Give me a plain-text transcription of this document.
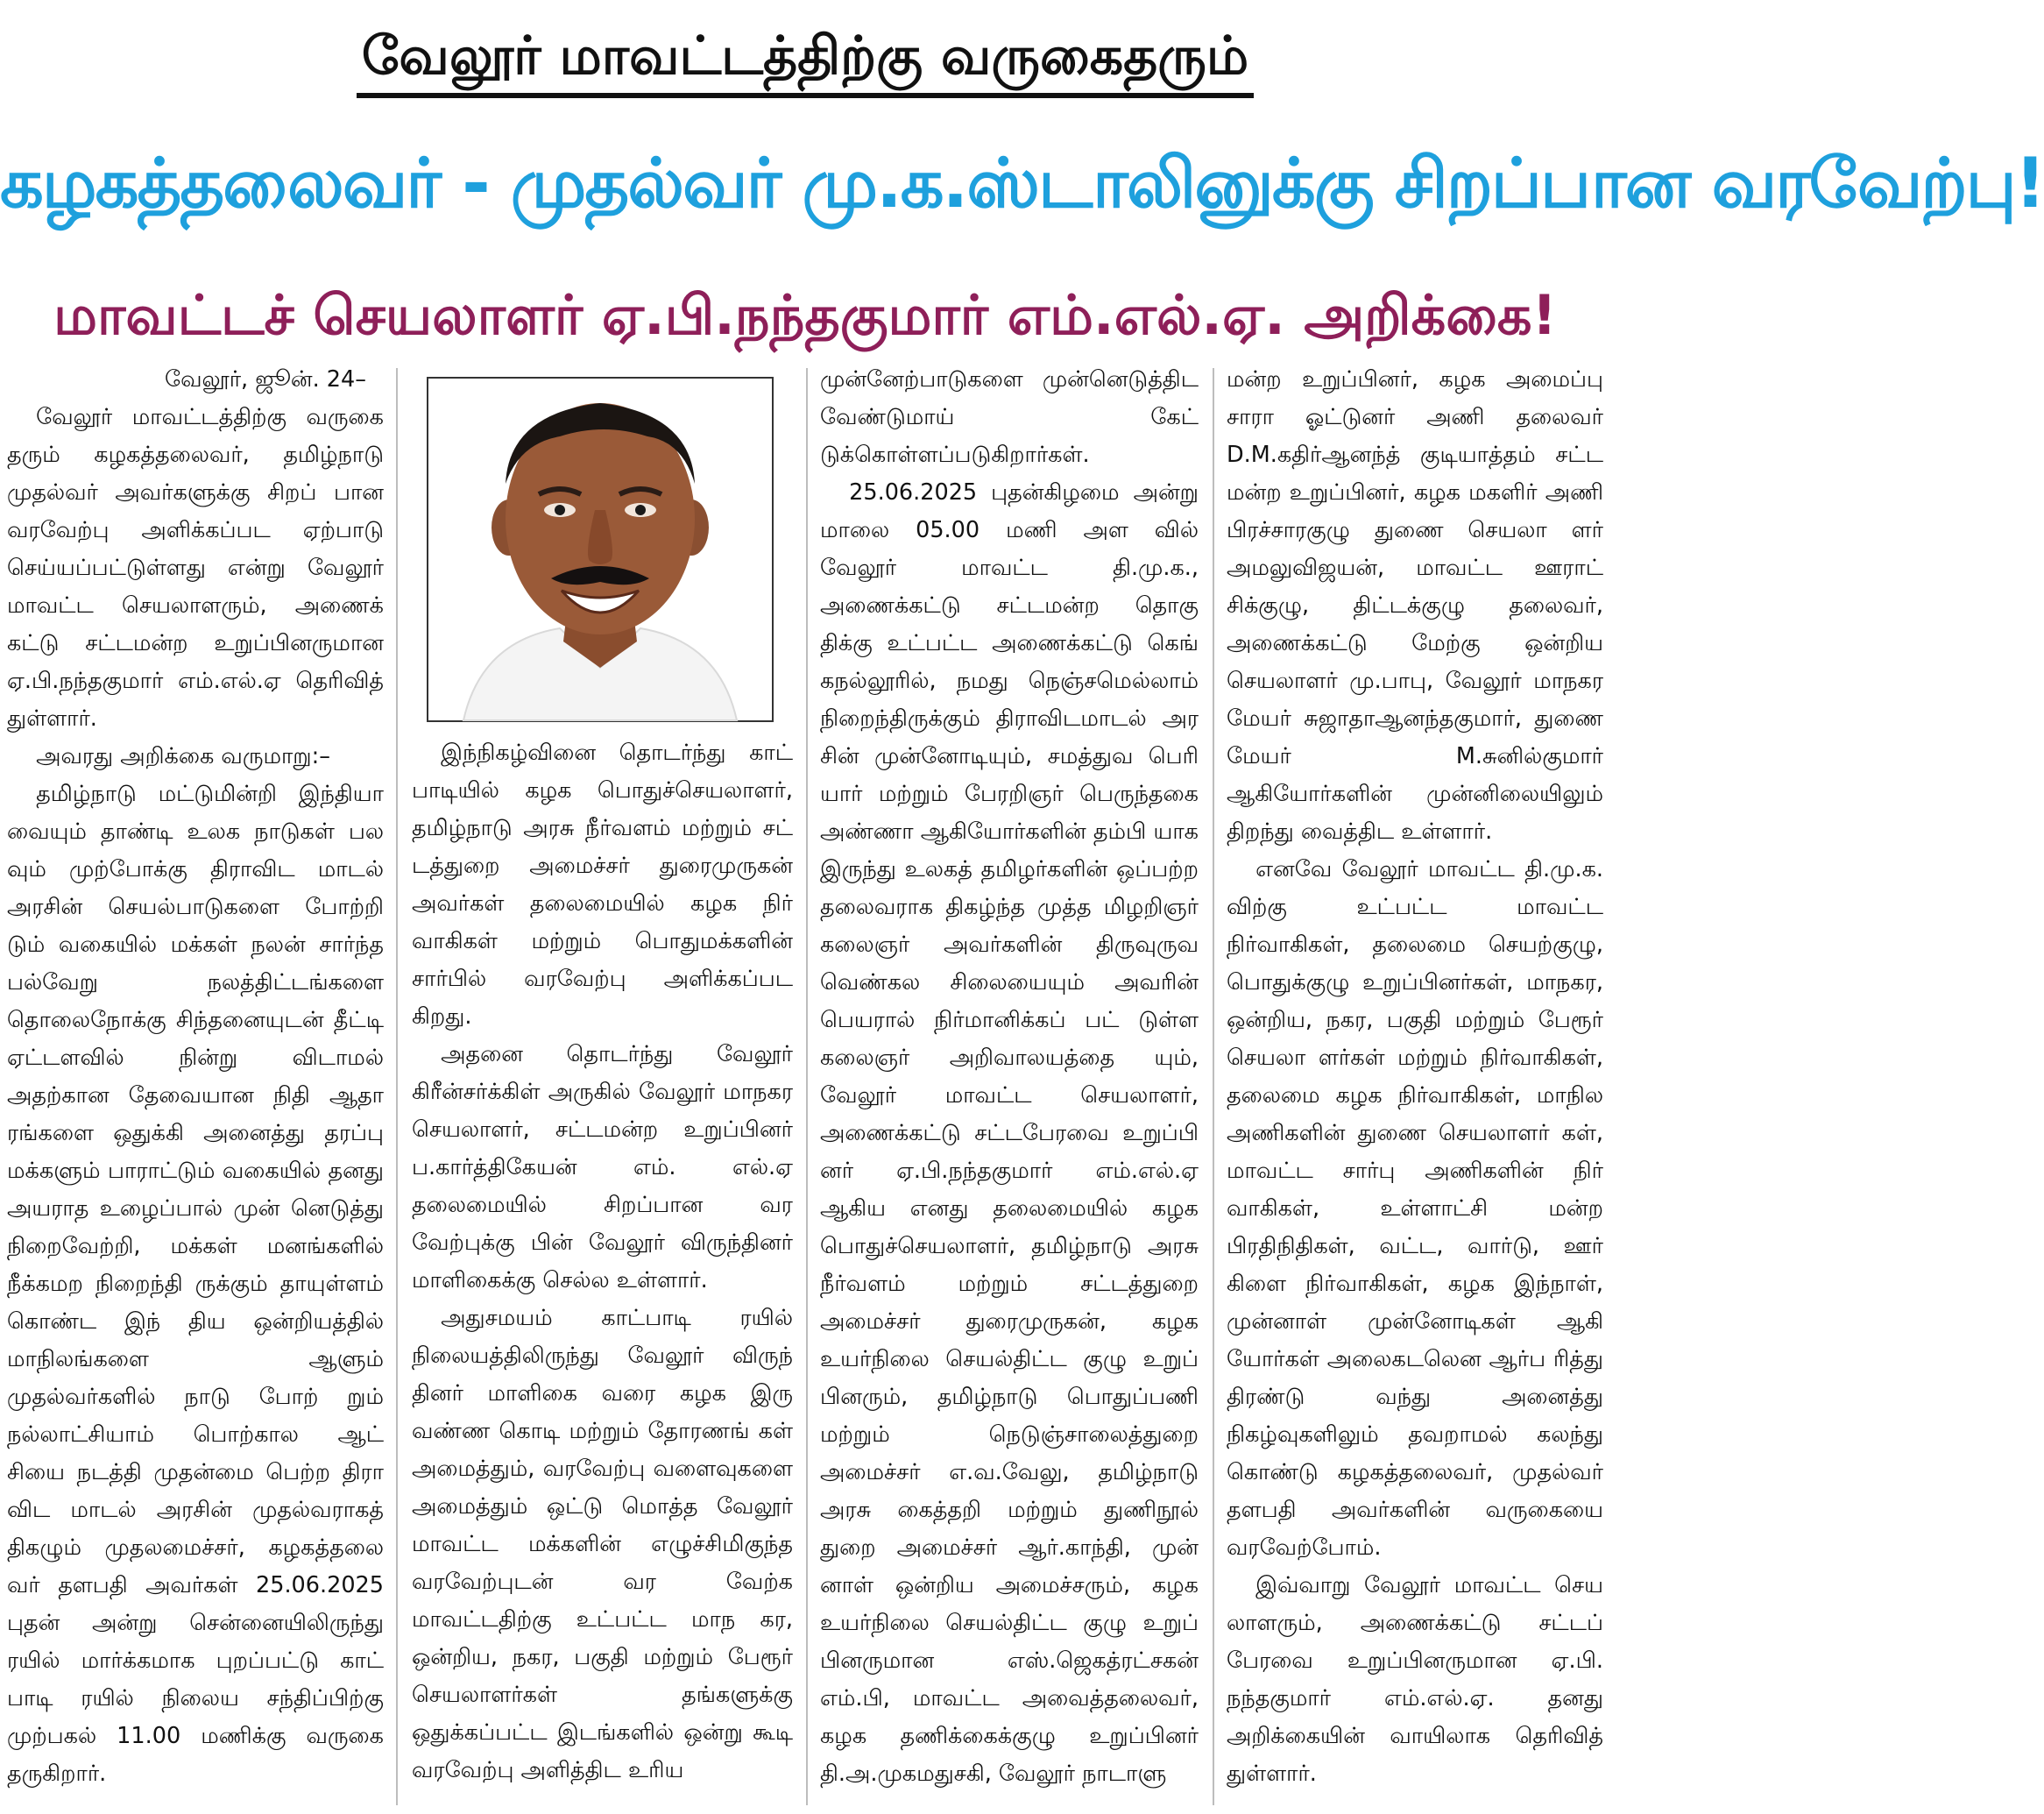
வேலூர் மாவட்டத்திற்கு வருகைதரும்
கழகத்தலைவர் - முதல்வர் மு.க.ஸ்டாலினுக்கு சிறப்பான வரவேற்பு!
மாவட்டச் செயலாளர் ஏ.பி.நந்தகுமார் எம்.எல்.ஏ. அறிக்கை!

வேலூர், ஜூன். 24–

வேலூர் மாவட்டத்திற்கு வருகை தரும் கழகத்தலைவர், தமிழ்நாடு முதல்வர் அவர்களுக்கு சிறப் பான வரவேற்பு அளிக்கப்பட ஏற்பாடு செய்யப்பட்டுள்ளது என்று வேலூர் மாவட்ட செயலாளரும், அணைக் கட்டு சட்டமன்ற உறுப்பினருமான ஏ.பி.நந்தகுமார் எம்.எல்.ஏ தெரிவித் துள்ளார்.

அவரது அறிக்கை வருமாறு:–

தமிழ்நாடு மட்டுமின்றி இந்தியா வையும் தாண்டி உலக நாடுகள் பல வும் முற்போக்கு திராவிட மாடல் அரசின் செயல்பாடுகளை போற்றி டும் வகையில் மக்கள் நலன் சார்ந்த பல்வேறு நலத்திட்டங்களை தொலைநோக்கு சிந்தனையுடன் தீட்டி ஏட்டளவில் நின்று விடாமல் அதற்கான தேவையான நிதி ஆதா ரங்களை ஒதுக்கி அனைத்து தரப்பு மக்களும் பாராட்டும் வகையில் தனது அயராத உழைப்பால் முன் னெடுத்து நிறைவேற்றி, மக்கள் மனங்களில் நீக்கமற நிறைந்தி ருக்கும் தாயுள்ளம் கொண்ட இந் திய ஒன்றியத்தில் மாநிலங்களை ஆளும் முதல்வர்களில் நாடு போற் றும் நல்லாட்சியாம் பொற்கால ஆட் சியை நடத்தி முதன்மை பெற்ற திரா விட மாடல் அரசின் முதல்வராகத் திகழும் முதலமைச்சர், கழகத்தலை வர் தளபதி அவர்கள் 25.06.2025 புதன் அன்று சென்னையிலிருந்து ரயில் மார்க்கமாக புறப்பட்டு காட் பாடி ரயில் நிலைய சந்திப்பிற்கு முற்பகல் 11.00 மணிக்கு வருகை தருகிறார்.

இந்நிகழ்வினை தொடர்ந்து காட் பாடியில் கழக பொதுச்செயலாளர், தமிழ்நாடு அரசு நீர்வளம் மற்றும் சட் டத்துறை அமைச்சர் துரைமுருகன் அவர்கள் தலைமையில் கழக நிர் வாகிகள் மற்றும் பொதுமக்களின் சார்பில் வரவேற்பு அளிக்கப்பட கிறது.

அதனை தொடர்ந்து வேலூர் கிரீன்சர்க்கிள் அருகில் வேலூர் மாநகர செயலாளர், சட்டமன்ற உறுப்பினர் ப.கார்த்திகேயன் எம். எல்.ஏ தலைமையில் சிறப்பான வர வேற்புக்கு பின் வேலூர் விருந்தினர் மாளிகைக்கு செல்ல உள்ளார்.

அதுசமயம் காட்பாடி ரயில் நிலையத்திலிருந்து வேலூர் விருந் தினர் மாளிகை வரை கழக இரு வண்ண கொடி மற்றும் தோரணங் கள் அமைத்தும், வரவேற்பு வளைவுகளை அமைத்தும் ஒட்டு மொத்த வேலூர் மாவட்ட மக்களின் எழுச்சிமிகுந்த வரவேற்புடன் வர வேற்க மாவட்டதிற்கு உட்பட்ட மாந கர, ஒன்றிய, நகர, பகுதி மற்றும் பேரூர் செயலாளர்கள் தங்களுக்கு ஒதுக்கப்பட்ட இடங்களில் ஒன்று கூடி வரவேற்பு அளித்திட உரிய

முன்னேற்பாடுகளை முன்னெடுத்திட வேண்டுமாய் கேட் டுக்கொள்ளப்படுகிறார்கள்.

25.06.2025 புதன்கிழமை அன்று மாலை 05.00 மணி அள வில் வேலூர் மாவட்ட தி.மு.க., அணைக்கட்டு சட்டமன்ற தொகு திக்கு உட்பட்ட அணைக்கட்டு கெங் கநல்லூரில், நமது நெஞ்சமெல்லாம் நிறைந்திருக்கும் திராவிடமாடல் அர சின் முன்னோடியும், சமத்துவ பெரி யார் மற்றும் பேரறிஞர் பெருந்தகை அண்ணா ஆகியோர்களின் தம்பி யாக இருந்து உலகத் தமிழர்களின் ஒப்பற்ற தலைவராக திகழ்ந்த முத்த மிழறிஞர் கலைஞர் அவர்களின் திருவுருவ வெண்கல சிலையையும் அவரின் பெயரால் நிர்மானிக்கப் பட் டுள்ள கலைஞர் அறிவாலயத்தை யும், வேலூர் மாவட்ட செயலாளர், அணைக்கட்டு சட்டபேரவை உறுப்பி னர் ஏ.பி.நந்தகுமார் எம்.எல்.ஏ ஆகிய எனது தலைமையில் கழக பொதுச்செயலாளர், தமிழ்நாடு அரசு நீர்வளம் மற்றும் சட்டத்துறை அமைச்சர் துரைமுருகன், கழக உயர்நிலை செயல்திட்ட குழு உறுப் பினரும், தமிழ்நாடு பொதுப்பணி மற்றும் நெடுஞ்சாலைத்துறை அமைச்சர் எ.வ.வேலு, தமிழ்நாடு அரசு கைத்தறி மற்றும் துணிநூல் துறை அமைச்சர் ஆர்.காந்தி, முன் னாள் ஒன்றிய அமைச்சரும், கழக உயர்நிலை செயல்திட்ட குழு உறுப் பினருமான எஸ்.ஜெகத்ரட்சகன் எம்.பி, மாவட்ட அவைத்தலைவர், கழக தணிக்கைக்குழு உறுப்பினர் தி.அ.முகமதுசகி, வேலூர் நாடாளு

மன்ற உறுப்பினர், கழக அமைப்பு சாரா ஓட்டுனர் அணி தலைவர் D.M.கதிர்ஆனந்த் குடியாத்தம் சட்ட மன்ற உறுப்பினர், கழக மகளிர் அணி பிரச்சாரகுழு துணை செயலா ளர் அமலுவிஜயன், மாவட்ட ஊராட் சிக்குழு, திட்டக்குழு தலைவர், அணைக்கட்டு மேற்கு ஒன்றிய செயலாளர் மு.பாபு, வேலூர் மாநகர மேயர் சுஜாதாஆனந்தகுமார், துணை மேயர் M.சுனில்குமார் ஆகியோர்களின் முன்னிலையிலும் திறந்து வைத்திட உள்ளார்.

எனவே வேலூர் மாவட்ட தி.மு.க. விற்கு உட்பட்ட மாவட்ட நிர்வாகிகள், தலைமை செயற்குழு, பொதுக்குழு உறுப்பினர்கள், மாநகர, ஒன்றிய, நகர, பகுதி மற்றும் பேரூர் செயலா ளர்கள் மற்றும் நிர்வாகிகள், தலைமை கழக நிர்வாகிகள், மாநில அணிகளின் துணை செயலாளர் கள், மாவட்ட சார்பு அணிகளின் நிர் வாகிகள், உள்ளாட்சி மன்ற பிரதிநிதிகள், வட்ட, வார்டு, ஊர் கிளை நிர்வாகிகள், கழக இந்நாள், முன்னாள் முன்னோடிகள் ஆகி யோர்கள் அலைகடலென ஆர்ப ரித்து திரண்டு வந்து அனைத்து நிகழ்வுகளிலும் தவறாமல் கலந்து கொண்டு கழகத்தலைவர், முதல்வர் தளபதி அவர்களின் வருகையை வரவேற்போம்.

இவ்வாறு வேலூர் மாவட்ட செய லாளரும், அணைக்கட்டு சட்டப் பேரவை உறுப்பினருமான ஏ.பி. நந்தகுமார் எம்.எல்.ஏ. தனது அறிக்கையின் வாயிலாக தெரிவித் துள்ளார்.
